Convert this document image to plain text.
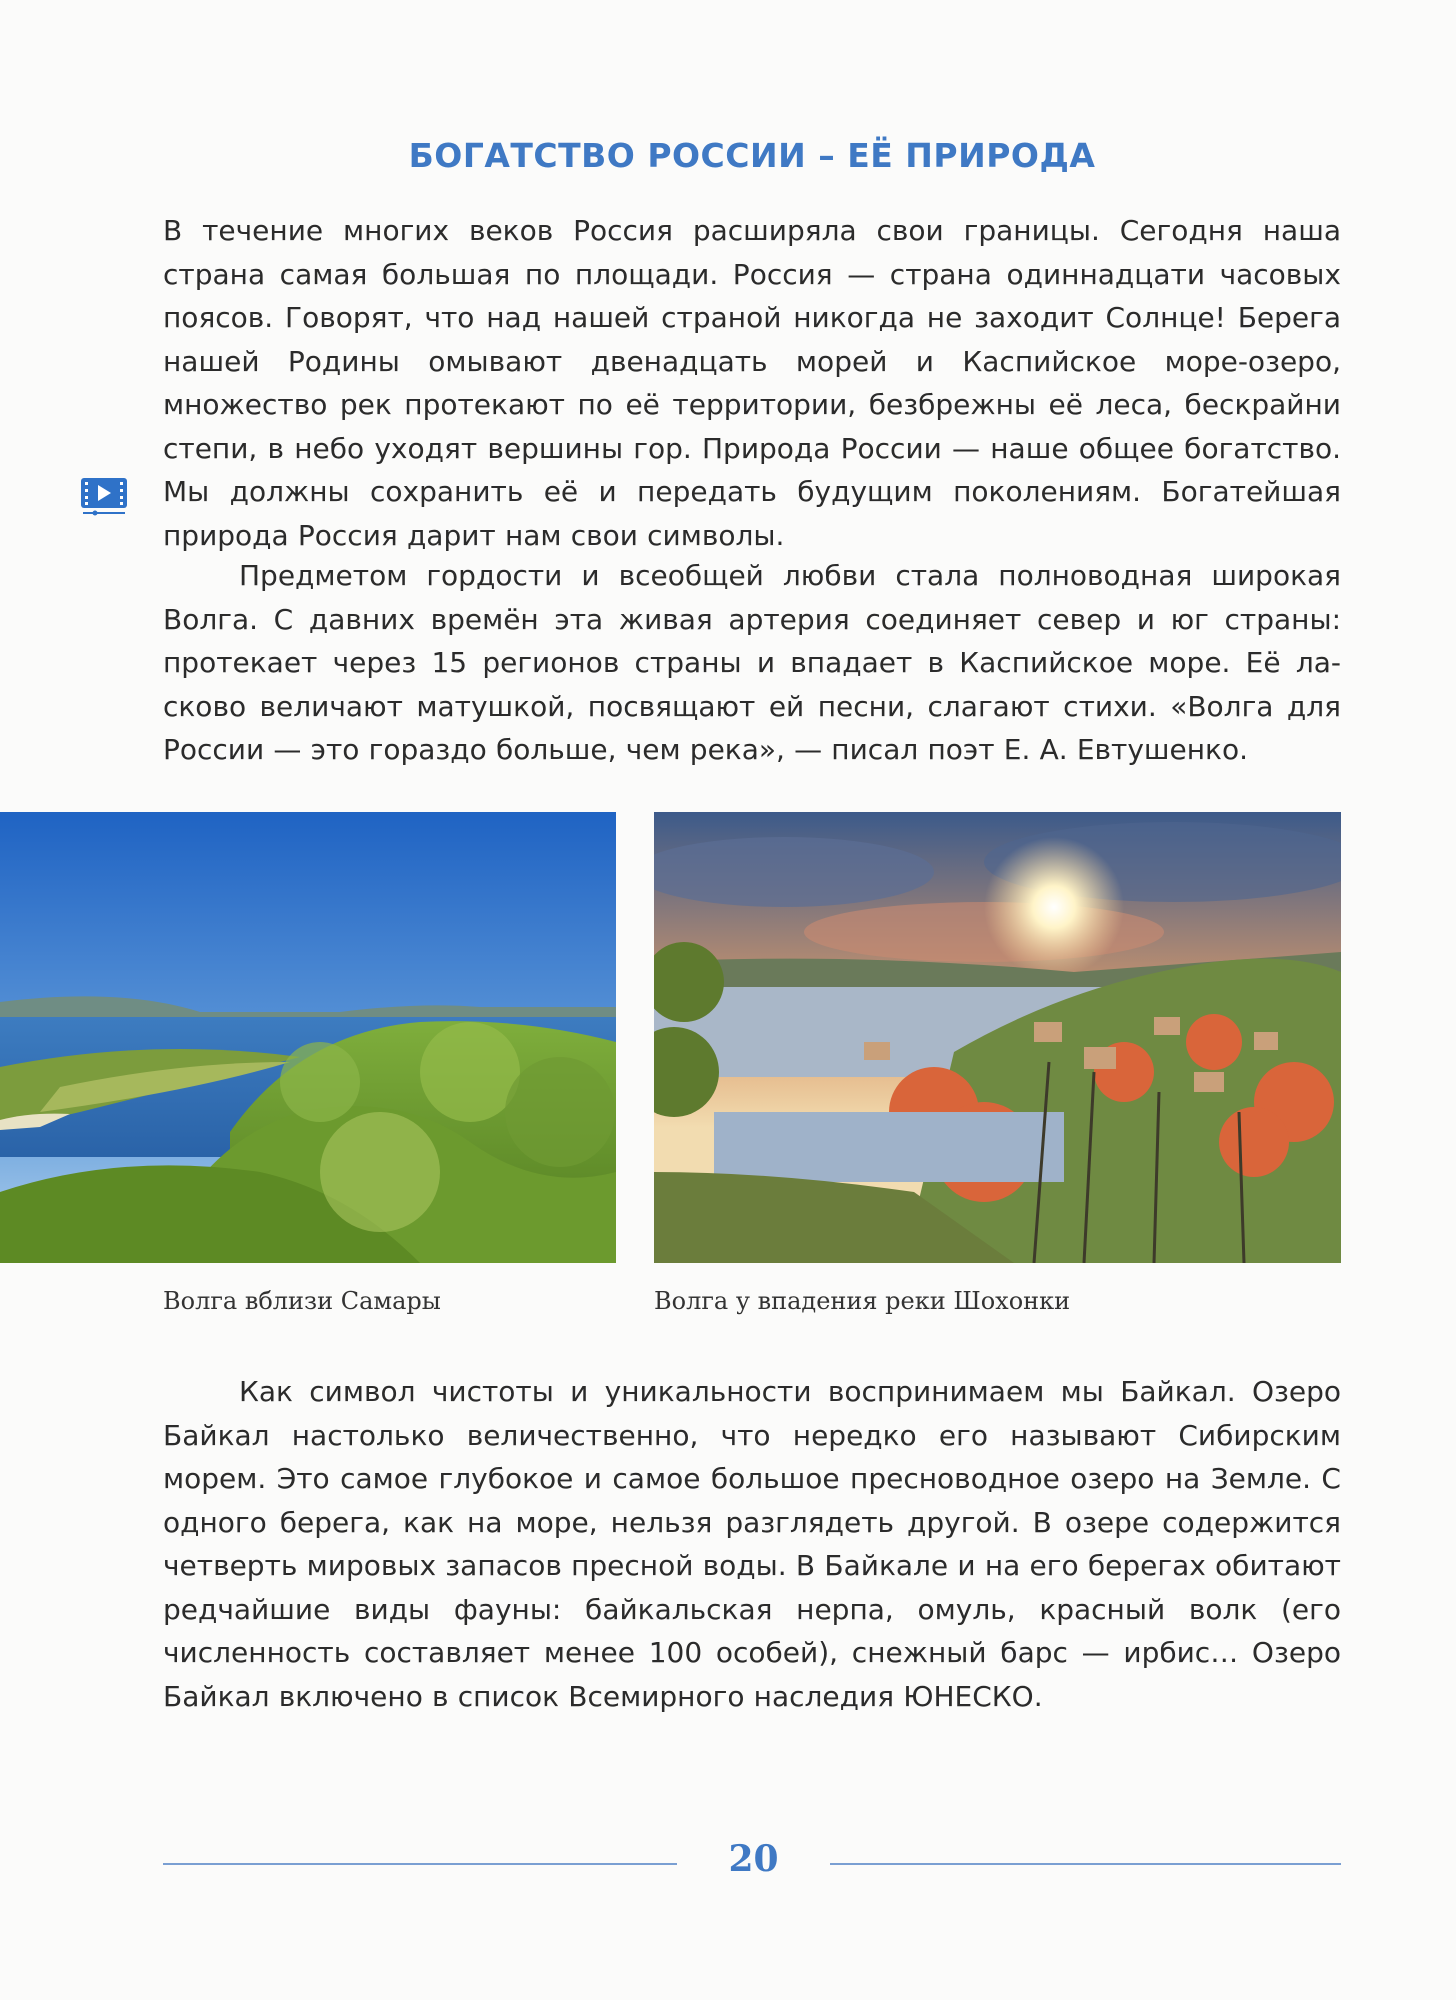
БОГАТСТВО РОССИИ – ЕЁ ПРИРОДА

В течение многих веков Россия расширяла свои границы. Сегодня наша страна самая большая по площади. Россия — страна одиннадцати часовых поясов. Говорят, что над нашей страной никогда не заходит Солнце! Берега нашей Родины омывают двенадцать морей и Каспийское море-озеро, множество рек протекают по её территории, безбрежны её леса, бескрайни степи, в небо уходят вершины гор. Природа России — наше общее богатство. Мы должны сохранить её и передать будущим поколениям. Богатейшая природа Россия дарит нам свои символы.

Предметом гордости и всеобщей любви стала полноводная широкая Волга. С давних времён эта живая артерия соединяет север и юг страны: протекает через 15 регионов страны и впадает в Каспийское море. Её ласково величают матушкой, посвящают ей песни, слагают стихи. «Волга для России — это гораздо больше, чем река», — писал поэт Е. А. Евтушенко.

Волга вблизи Самары	Волга у впадения реки Шохонки

Как символ чистоты и уникальности воспринимаем мы Байкал. Озеро Байкал настолько величественно, что нередко его называют Сибирским морем. Это самое глубокое и самое большое пресноводное озеро на Земле. С одного берега, как на море, нельзя разглядеть другой. В озере содержится четверть мировых запасов пресной воды. В Байкале и на его берегах обитают редчайшие виды фауны: байкальская нерпа, омуль, красный волк (его численность составляет менее 100 особей), снежный барс — ирбис… Озеро Байкал включено в список Всемирного наследия ЮНЕСКО.

20
